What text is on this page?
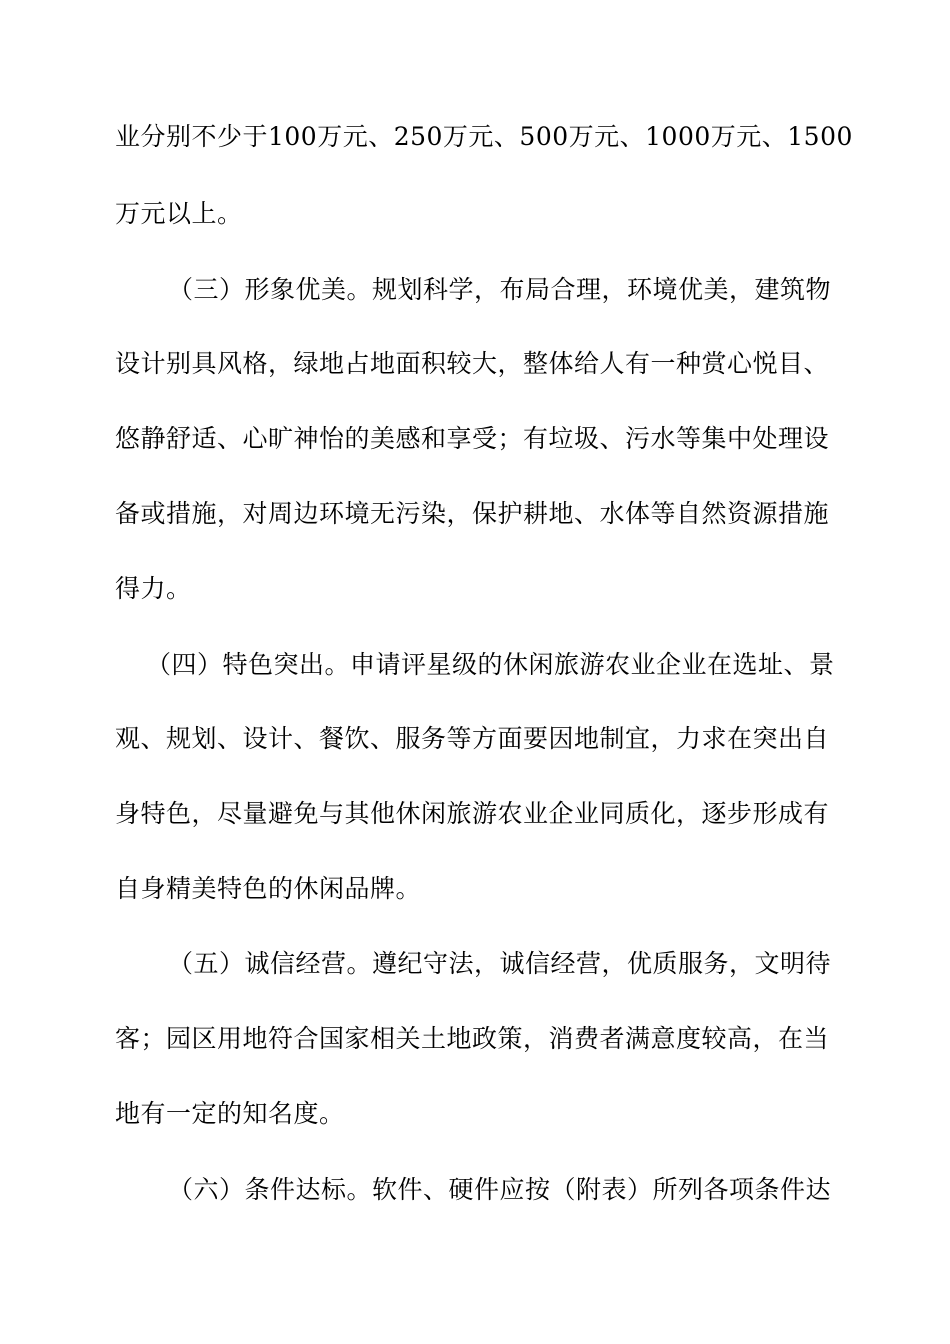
业分别不少于100万元、250万元、500万元、1000万元、1500
万元以上。
（三）形象优美。规划科学，布局合理，环境优美，建筑物
设计别具风格，绿地占地面积较大，整体给人有一种赏心悦目、
悠静舒适、心旷神怡的美感和享受；有垃圾、污水等集中处理设
备或措施，对周边环境无污染，保护耕地、水体等自然资源措施
得力。
（四）特色突出。申请评星级的休闲旅游农业企业在选址、景
观、规划、设计、餐饮、服务等方面要因地制宜，力求在突出自
身特色，尽量避免与其他休闲旅游农业企业同质化，逐步形成有
自身精美特色的休闲品牌。
（五）诚信经营。遵纪守法，诚信经营，优质服务，文明待
客；园区用地符合国家相关土地政策，消费者满意度较高，在当
地有一定的知名度。
（六）条件达标。软件、硬件应按（附表）所列各项条件达
